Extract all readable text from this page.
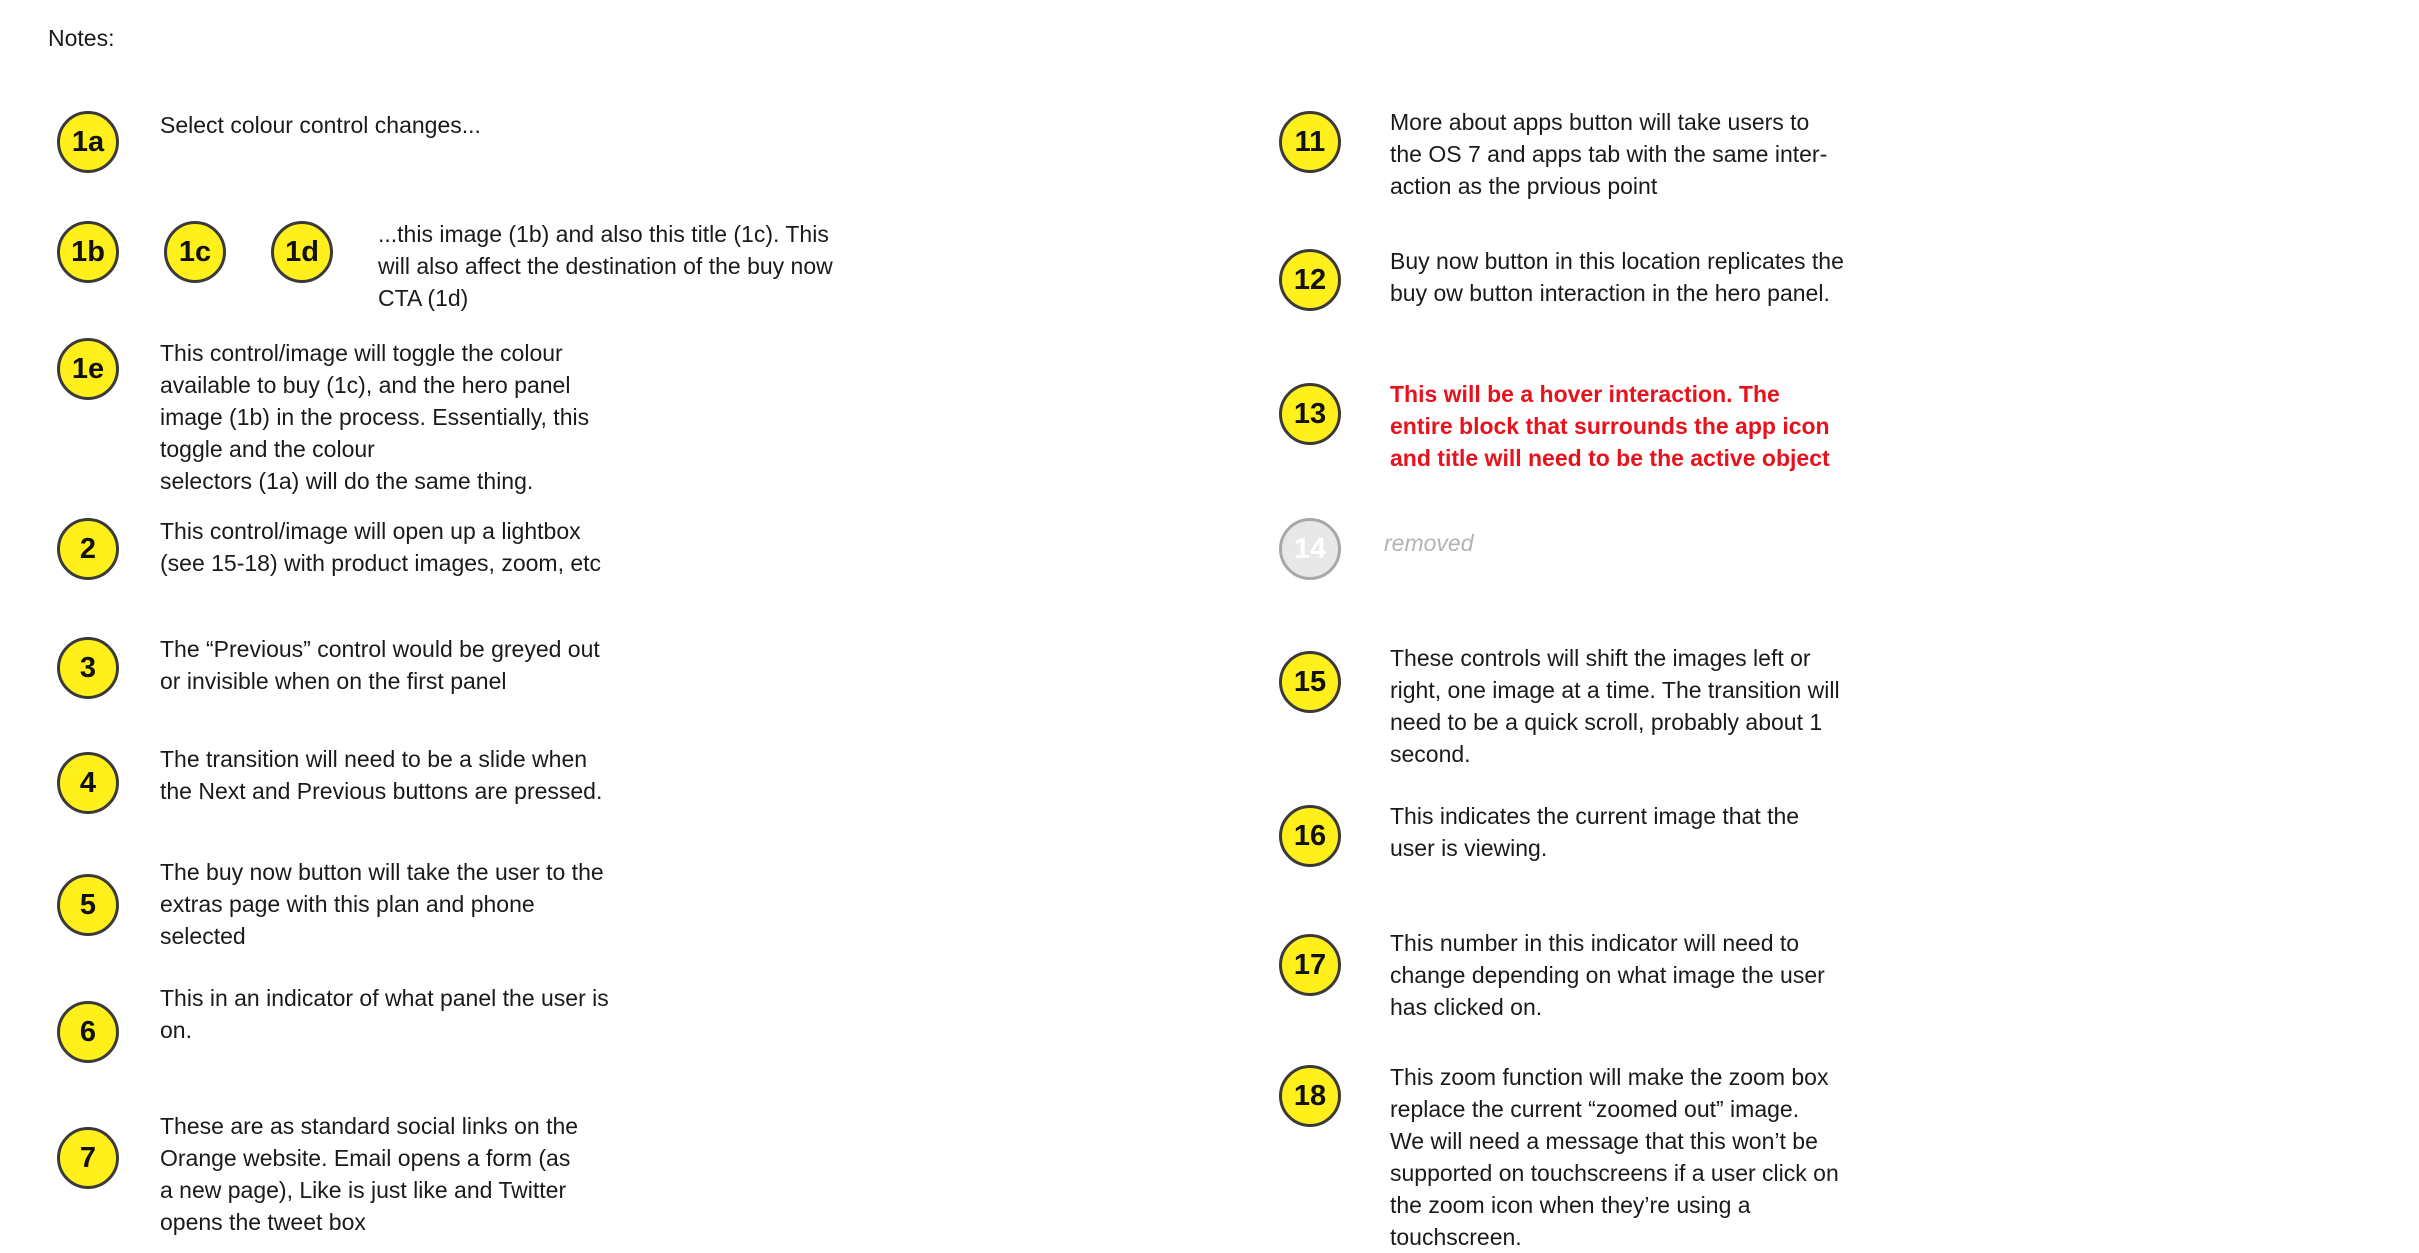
Notes:
1a
1b	1c	1d
1e
2
3
4
5
6
7
Select colour control changes...
...this image (1b) and also this title (1c). This
will also affect the destination of the buy now
CTA (1d)
This control/image will toggle the colour
available to buy (1c), and the hero panel
image (1b) in the process. Essentially, this
toggle and the colour
selectors (1a) will do the same thing.
This control/image will open up a lightbox
(see 15-18) with product images, zoom, etc
The “Previous” control would be greyed out
or invisible when on the first panel
The transition will need to be a slide when
the Next and Previous buttons are pressed.
The buy now button will take the user to the
extras page with this plan and phone
selected
This in an indicator of what panel the user is
on.
These are as standard social links on the
Orange website. Email opens a form (as
a new page), Like is just like and Twitter
opens the tweet box
11
12
13
14
15
16
17
18
More about apps button will take users to
the OS 7 and apps tab with the same inter-
action as the prvious point
Buy now button in this location replicates the
buy ow button interaction in the hero panel.
This will be a hover interaction. The
entire block that surrounds the app icon
and title will need to be the active object
removed
These controls will shift the images left or
right, one image at a time. The transition will
need to be a quick scroll, probably about 1
second.
This indicates the current image that the
user is viewing.
This number in this indicator will need to
change depending on what image the user
has clicked on.
This zoom function will make the zoom box
replace the current “zoomed out” image.
We will need a message that this won’t be
supported on touchscreens if a user click on
the zoom icon when they’re using a
touchscreen.
